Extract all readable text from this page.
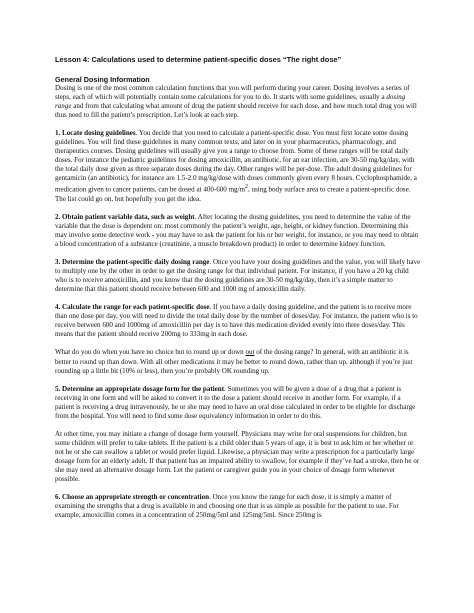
Lesson 4: Calculations used to determine patient-specific doses “The right dose”
General Dosing Information

Dosing is one of the most common calculation functions that you will perform during your career. Dosing involves a series of steps, each of which will potentially contain some calculations for you to do. It starts with some guidelines, usually a dosing range and from that calculating what amount of drug the patient should receive for each dose, and how much total drug you will thus need to fill the patient’s prescription. Let’s look at each step.

1. Locate dosing guidelines. You decide that you need to calculate a patient-specific dose. You must first locate some dosing guidelines. You will find these guidelines in many common texts, and later on in your pharmaceutics, pharmacology, and therapeutics courses. Dosing guidelines will usually give you a range to choose from. Some of these ranges will be total daily doses. For instance the pediatric guidelines for dosing amoxicillin, an antibiotic, for an ear infection, are 30-50 mg/kg/day, with the total daily dose given as three separate doses during the day. Other ranges will be per-dose. The adult dosing guidelines for gentamicin (an antibiotic), for instance are 1.5-2.0 mg/kg/dose with doses commonly given every 8 hours. Cyclophosphamide, a medication given to cancer patients, can be dosed at 400-600 $mg/m^2$, using body surface area to create a patient-specific dose. The list could go on, but hopefully you get the idea.

2. Obtain patient variable data, such as weight. After locating the dosing guidelines, you need to determine the value of the variable that the dose is dependent on: most commonly the patient’s weight, age, height, or kidney function. Determining this may involve some detective work - you may have to ask the patient for his or her weight, for instance, or you may need to obtain a blood concentration of a substance (creatinine, a muscle breakdown product) in order to determine kidney function.

3. Determine the patient-specific daily dosing range. Once you have your dosing guidelines and the value, you will likely have to multiply one by the other in order to get the dosing range for that individual patient. For instance, if you have a 20 kg child who is to receive amoxicillin, and you know that the dosing guidelines are 30-50 mg/kg/day, then it’s a simple matter to determine that this patient should receive between 600 and 1000 mg of amoxicillin daily.

4. Calculate the range for each patient-specific dose. If you have a daily dosing guideline, and the patient is to receive more than one dose per day, you will need to divide the total daily dose by the number of doses/day. For instance, the patient who is to receive between 600 and 1000mg of amoxicillin per day is to have this medication divided evenly into three doses/day. This means that the patient should receive 200mg to 333mg in each dose.

What do you do when you have no choice but to round up or down out of the dosing range? In general, with an antibiotic it is better to round up than down. With all other medications it may be better to round down, rather than up, although if you’re just rounding up a little bit (10% or less), then you’re probably OK rounding up.

5. Determine an appropriate dosage form for the patient. Sometimes you will be given a dose of a drug that a patient is receiving in one form and will be asked to convert it to the dose a patient should receive in another form. For example, if a patient is receiving a drug intravenously, he or she may need to have an oral dose calculated in order to be eligible for discharge from the hospital. You will need to find some dose equivalency information in order to do this.

At other time, you may initiate a change of dosage form yourself. Physicians may write for oral suspensions for children, but some children will prefer to take tablets. If the patient is a child older than 5 years of age, it is best to ask him or her whether or not he or she can swallow a tablet or would prefer liquid. Likewise, a physician may write a prescription for a particularly large dosage form for an elderly adult. If that patient has an impaired ability to swallow, for example if they’ve had a stroke, then he or she may need an alternative dosage form. Let the patient or caregiver guide you in your choice of dosage form whenever possible.

6. Choose an appropriate strength or concentration. Once you know the range for each dose, it is simply a matter of examining the strengths that a drug is available in and choosing one that is as simple as possible for the patient to use. For example, amoxicillin comes in a concentration of 250mg/5ml and 125mg/5ml. Since 250mg is
